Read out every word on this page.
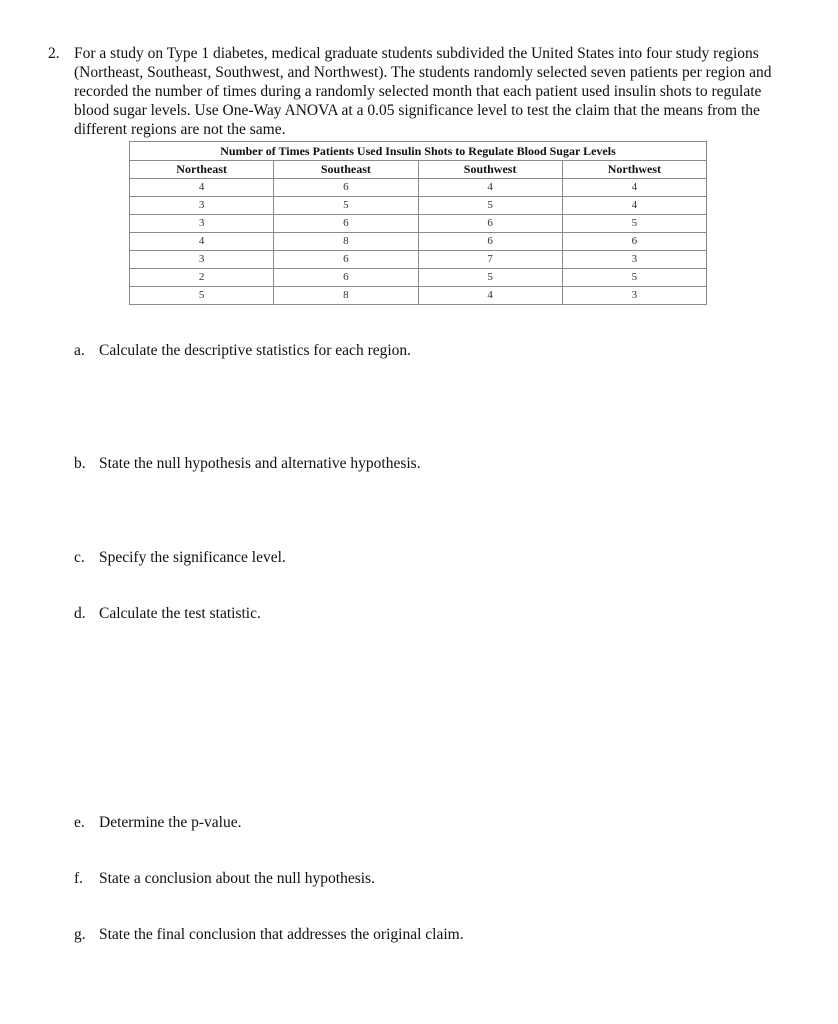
2. For a study on Type 1 diabetes, medical graduate students subdivided the United States into four study regions (Northeast, Southeast, Southwest, and Northwest). The students randomly selected seven patients per region and recorded the number of times during a randomly selected month that each patient used insulin shots to regulate blood sugar levels. Use One-Way ANOVA at a 0.05 significance level to test the claim that the means from the different regions are not the same.

Number of Times Patients Used Insulin Shots to Regulate Blood Sugar Levels			
Northeast	Southeast	Southwest	Northwest
4	6	4	4
3	5	5	4
3	6	6	5
4	8	6	6
3	6	7	3
2	6	5	5
5	8	4	3
a. Calculate the descriptive statistics for each region.
b. State the null hypothesis and alternative hypothesis.
c. Specify the significance level.
d. Calculate the test statistic.
e. Determine the p-value.
f. State a conclusion about the null hypothesis.
g. State the final conclusion that addresses the original claim.
